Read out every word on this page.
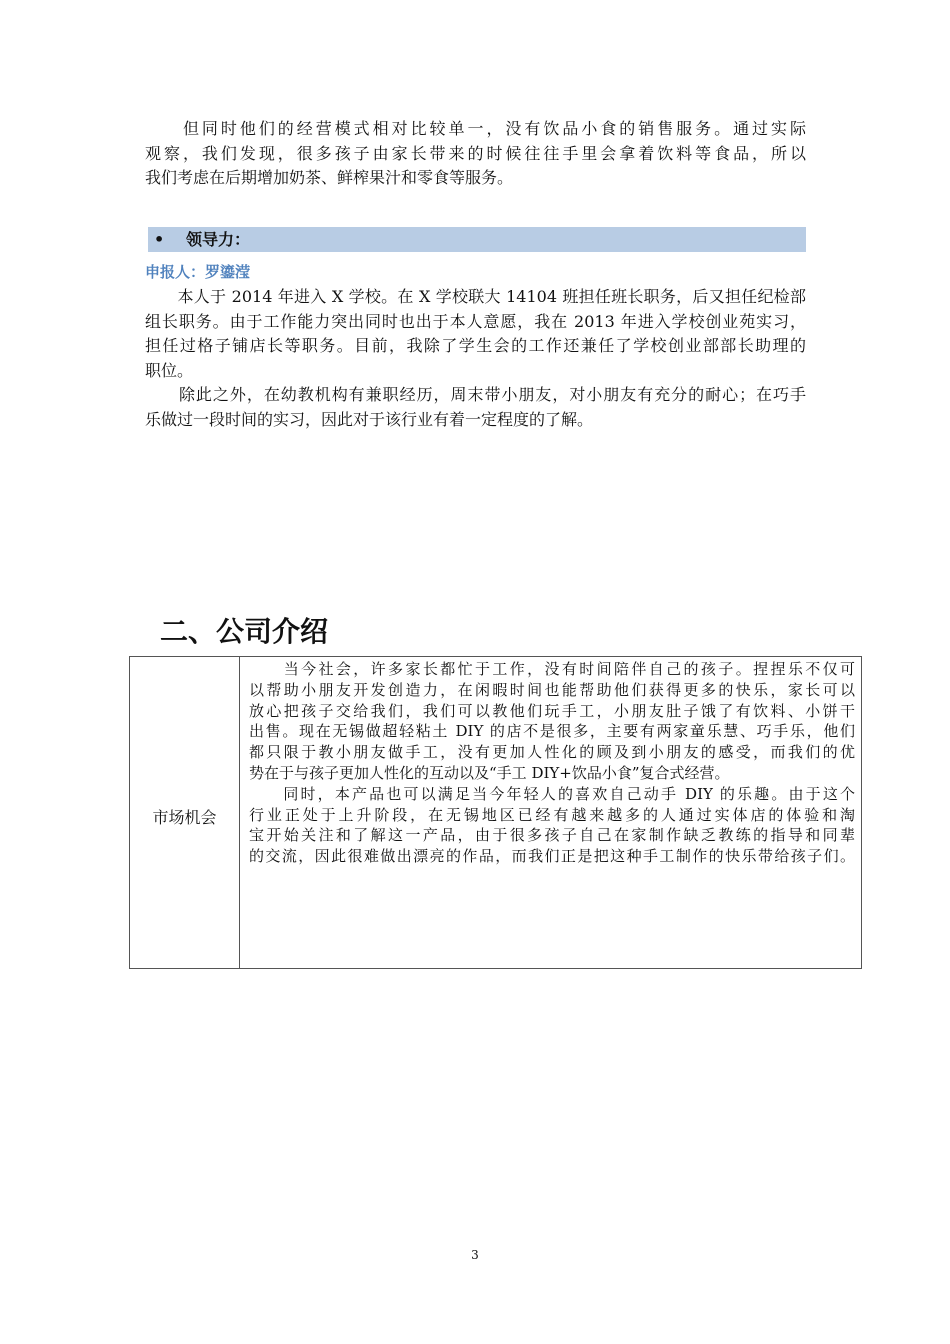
　　但同时他们的经营模式相对比较单一，没有饮品小食的销售服务。通过实际
观察，我们发现，很多孩子由家长带来的时候往往手里会拿着饮料等食品，所以
我们考虑在后期增加奶茶、鲜榨果汁和零食等服务。
• 领导力：
申报人：罗鎏滢
　　本人于 2014 年进入 X 学校。在 X 学校联大 14104 班担任班长职务，后又担任纪检部
组长职务。由于工作能力突出同时也出于本人意愿，我在 2013 年进入学校创业苑实习，
担任过格子铺店长等职务。目前，我除了学生会的工作还兼任了学校创业部部长助理的
职位。
　　除此之外，在幼教机构有兼职经历，周末带小朋友，对小朋友有充分的耐心；在巧手
乐做过一段时间的实习，因此对于该行业有着一定程度的了解。
二、公司介绍
市场机会
　　当今社会，许多家长都忙于工作，没有时间陪伴自己的孩子。捏捏乐不仅可
以帮助小朋友开发创造力，在闲暇时间也能帮助他们获得更多的快乐，家长可以
放心把孩子交给我们，我们可以教他们玩手工，小朋友肚子饿了有饮料、小饼干
出售。现在无锡做超轻粘土 DIY 的店不是很多，主要有两家童乐慧、巧手乐，他们
都只限于教小朋友做手工，没有更加人性化的顾及到小朋友的感受，而我们的优
势在于与孩子更加人性化的互动以及“手工 DIY+饮品小食”复合式经营。
　　同时，本产品也可以满足当今年轻人的喜欢自己动手 DIY 的乐趣。由于这个
行业正处于上升阶段，在无锡地区已经有越来越多的人通过实体店的体验和淘
宝开始关注和了解这一产品，由于很多孩子自己在家制作缺乏教练的指导和同辈
的交流，因此很难做出漂亮的作品，而我们正是把这种手工制作的快乐带给孩子们。
3
